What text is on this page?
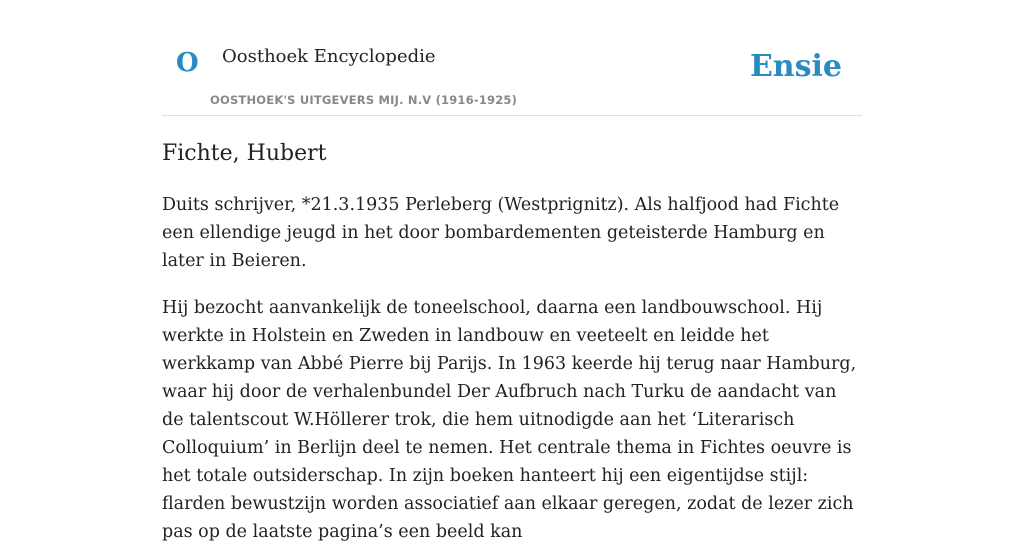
O Oosthoek Encyclopedie
OOSTHOEK'S UITGEVERS MIJ. N.V (1916-1925)
Ensie
Fichte, Hubert

Duits schrijver, *21.3.1935 Perleberg (Westprignitz). Als halfjood had Fichte een ellendige jeugd in het door bombardementen geteisterde Hamburg en later in Beieren.

Hij bezocht aanvankelijk de toneelschool, daarna een landbouwschool. Hij werkte in Holstein en Zweden in landbouw en veeteelt en leidde het werkkamp van Abbé Pierre bij Parijs. In 1963 keerde hij terug naar Hamburg, waar hij door de verhalenbundel Der Aufbruch nach Turku de aandacht van de talentscout W.Höllerer trok, die hem uitnodigde aan het ‘Literarisch Colloquium’ in Berlijn deel te nemen. Het centrale thema in Fichtes oeuvre is het totale outsiderschap. In zijn boeken hanteert hij een eigentijdse stijl: flarden bewustzijn worden associatief aan elkaar geregen, zodat de lezer zich pas op de laatste pagina’s een beeld kan
